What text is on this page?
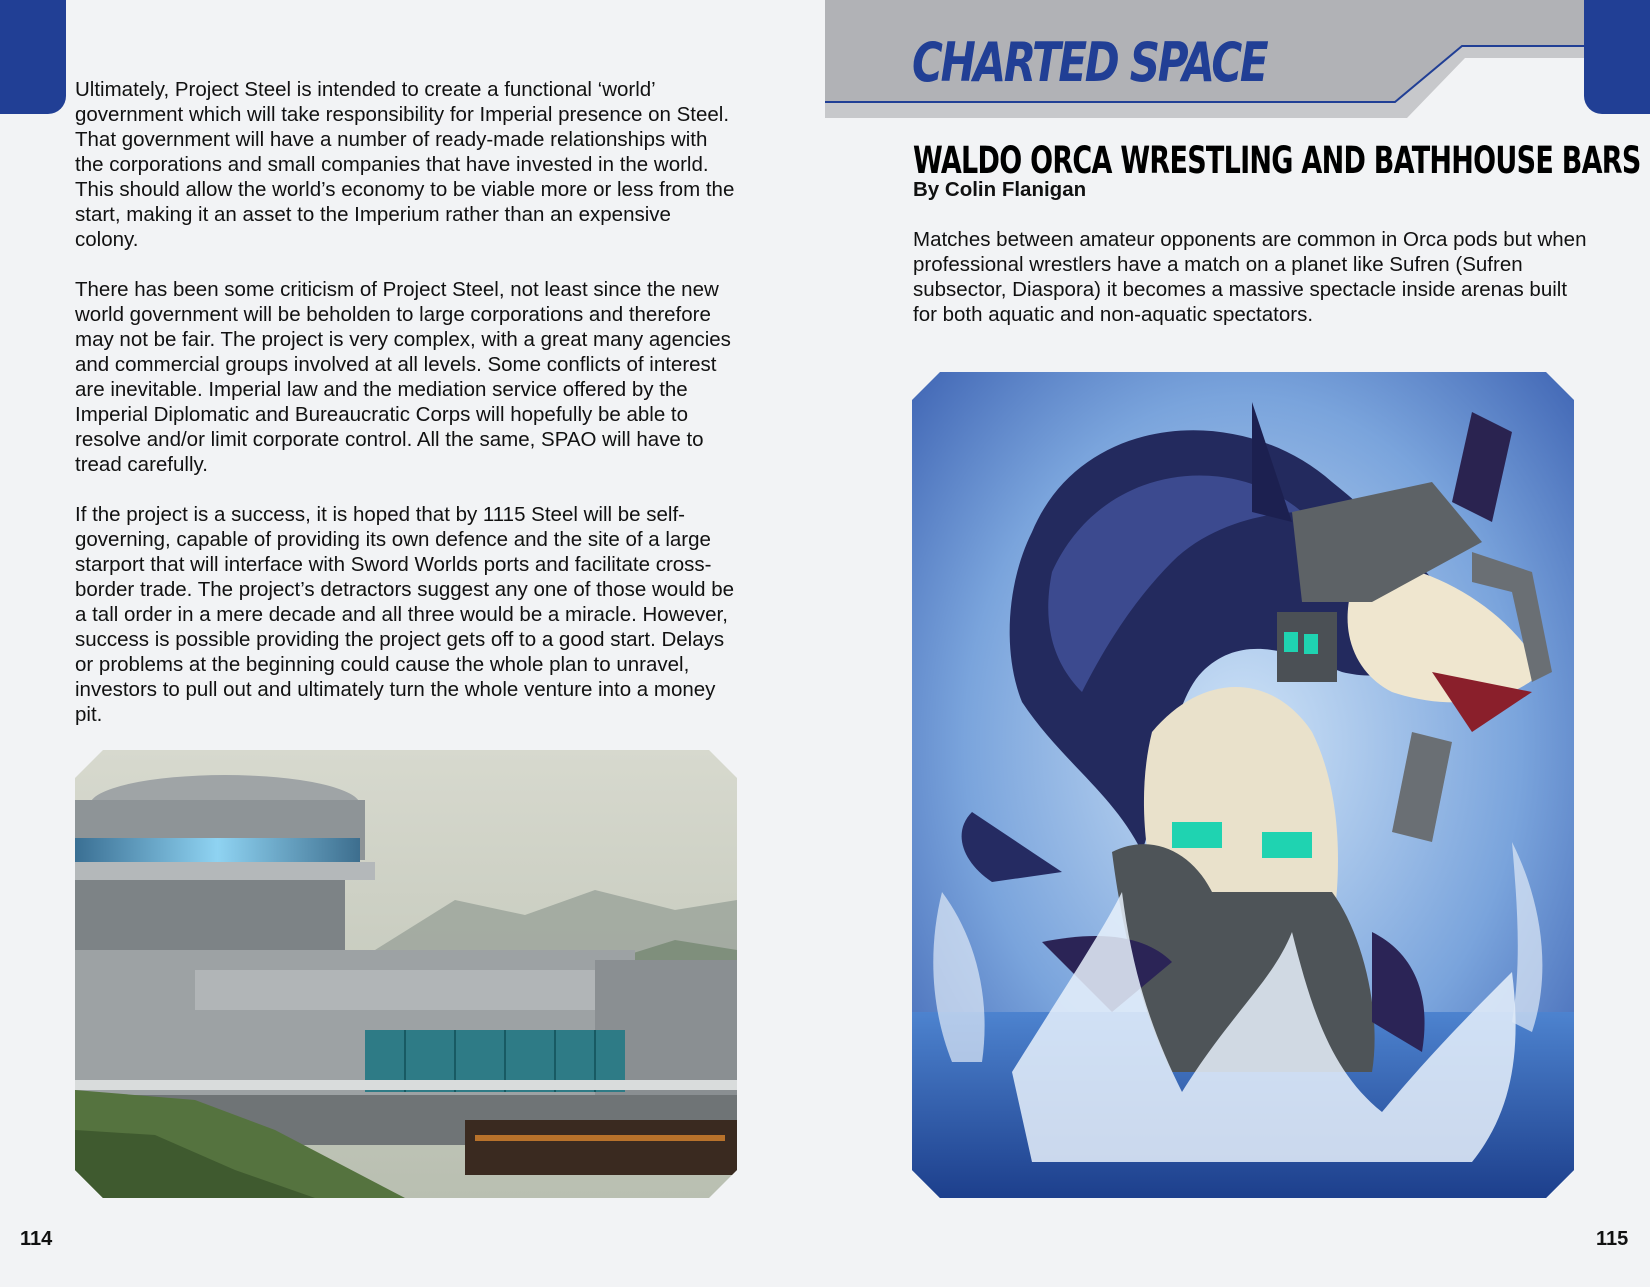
Ultimately, Project Steel is intended to create a functional ‘world’ government which will take responsibility for Imperial presence on Steel. That government will have a number of ready-made relationships with the corporations and small companies that have invested in the world. This should allow the world’s economy to be viable more or less from the start, making it an asset to the Imperium rather than an expensive colony.

There has been some criticism of Project Steel, not least since the new world government will be beholden to large corporations and therefore may not be fair. The project is very complex, with a great many agencies and commercial groups involved at all levels. Some conflicts of interest are inevitable. Imperial law and the mediation service offered by the Imperial Diplomatic and Bureaucratic Corps will hopefully be able to resolve and/or limit corporate control. All the same, SPAO will have to tread carefully.

If the project is a success, it is hoped that by 1115 Steel will be self-governing, capable of providing its own defence and the site of a large starport that will interface with Sword Worlds ports and facilitate cross-border trade. The project’s detractors suggest any one of those would be a tall order in a mere decade and all three would be a miracle. However, success is possible providing the project gets off to a good start. Delays or problems at the beginning could cause the whole plan to unravel, investors to pull out and ultimately turn the whole venture into a money pit.

114
CHARTED SPACE
WALDO ORCA WRESTLING AND BATHHOUSE BARS
By Colin Flanigan

Matches between amateur opponents are common in Orca pods but when professional wrestlers have a match on a planet like Sufren (Sufren subsector, Diaspora) it becomes a massive spectacle inside arenas built for both aquatic and non-aquatic spectators.

115
